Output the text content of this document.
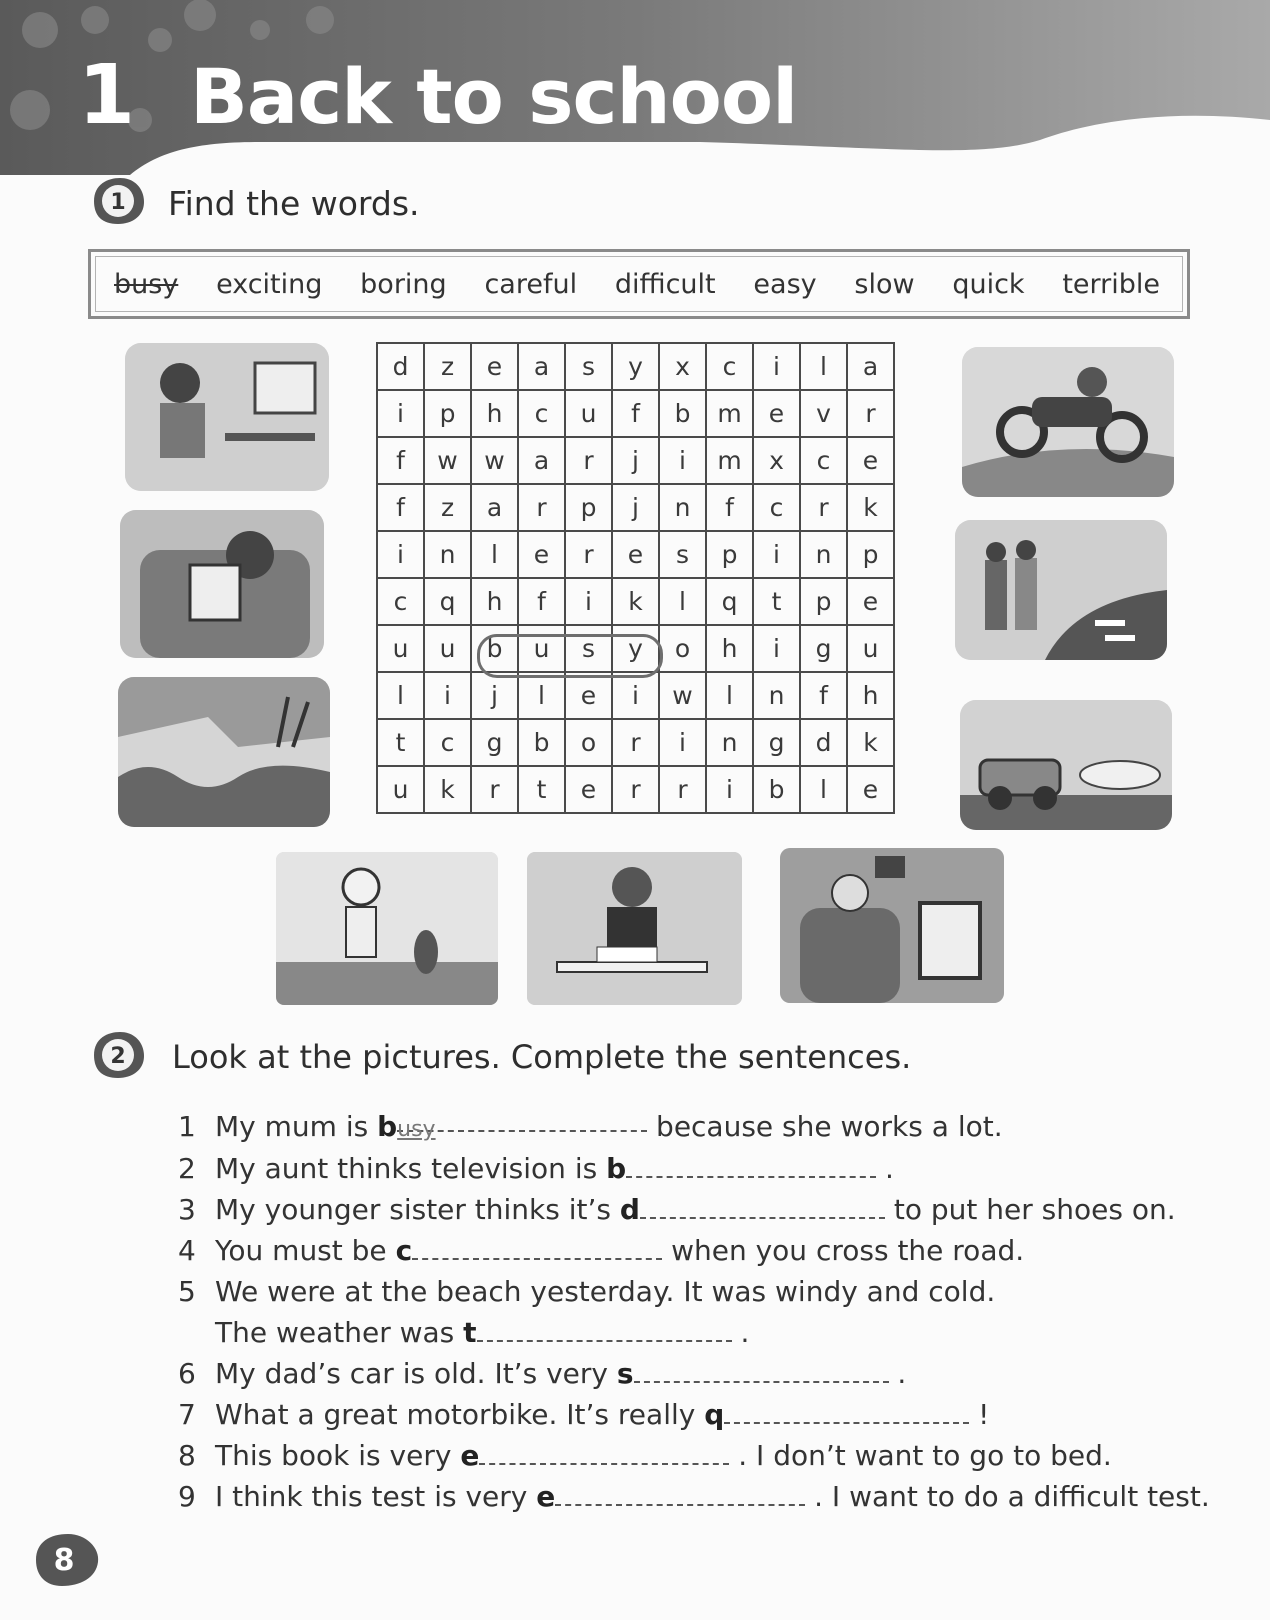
1 Back to school
1 Find the words.
busy exciting boring careful difficult easy slow quick terrible
d	z	e	a	s	y	x	c	i	l	a
i	p	h	c	u	f	b	m	e	v	r
f	w	w	a	r	j	i	m	x	c	e
f	z	a	r	p	j	n	f	c	r	k
i	n	l	e	r	e	s	p	i	n	p
c	q	h	f	i	k	l	q	t	p	e
u	u	b	u	s	y	o	h	i	g	u
l	i	j	l	e	i	w	l	n	f	h
t	c	g	b	o	r	i	n	g	d	k
u	k	r	t	e	r	r	i	b	l	e
2 Look at the pictures. Complete the sentences.
1 My mum is busy	because she works a lot.
2 My aunt thinks television is b	.
3 My younger sister thinks it’s d	to put her shoes on.
4 You must be c	when you cross the road.
5 We were at the beach yesterday. It was windy and cold.
The weather was t	.
6 My dad’s car is old. It’s very s	.
7 What a great motorbike. It’s really q	!
8 This book is very e	. I don’t want to go to bed.
9 I think this test is very e	. I want to do a difficult test.
8
